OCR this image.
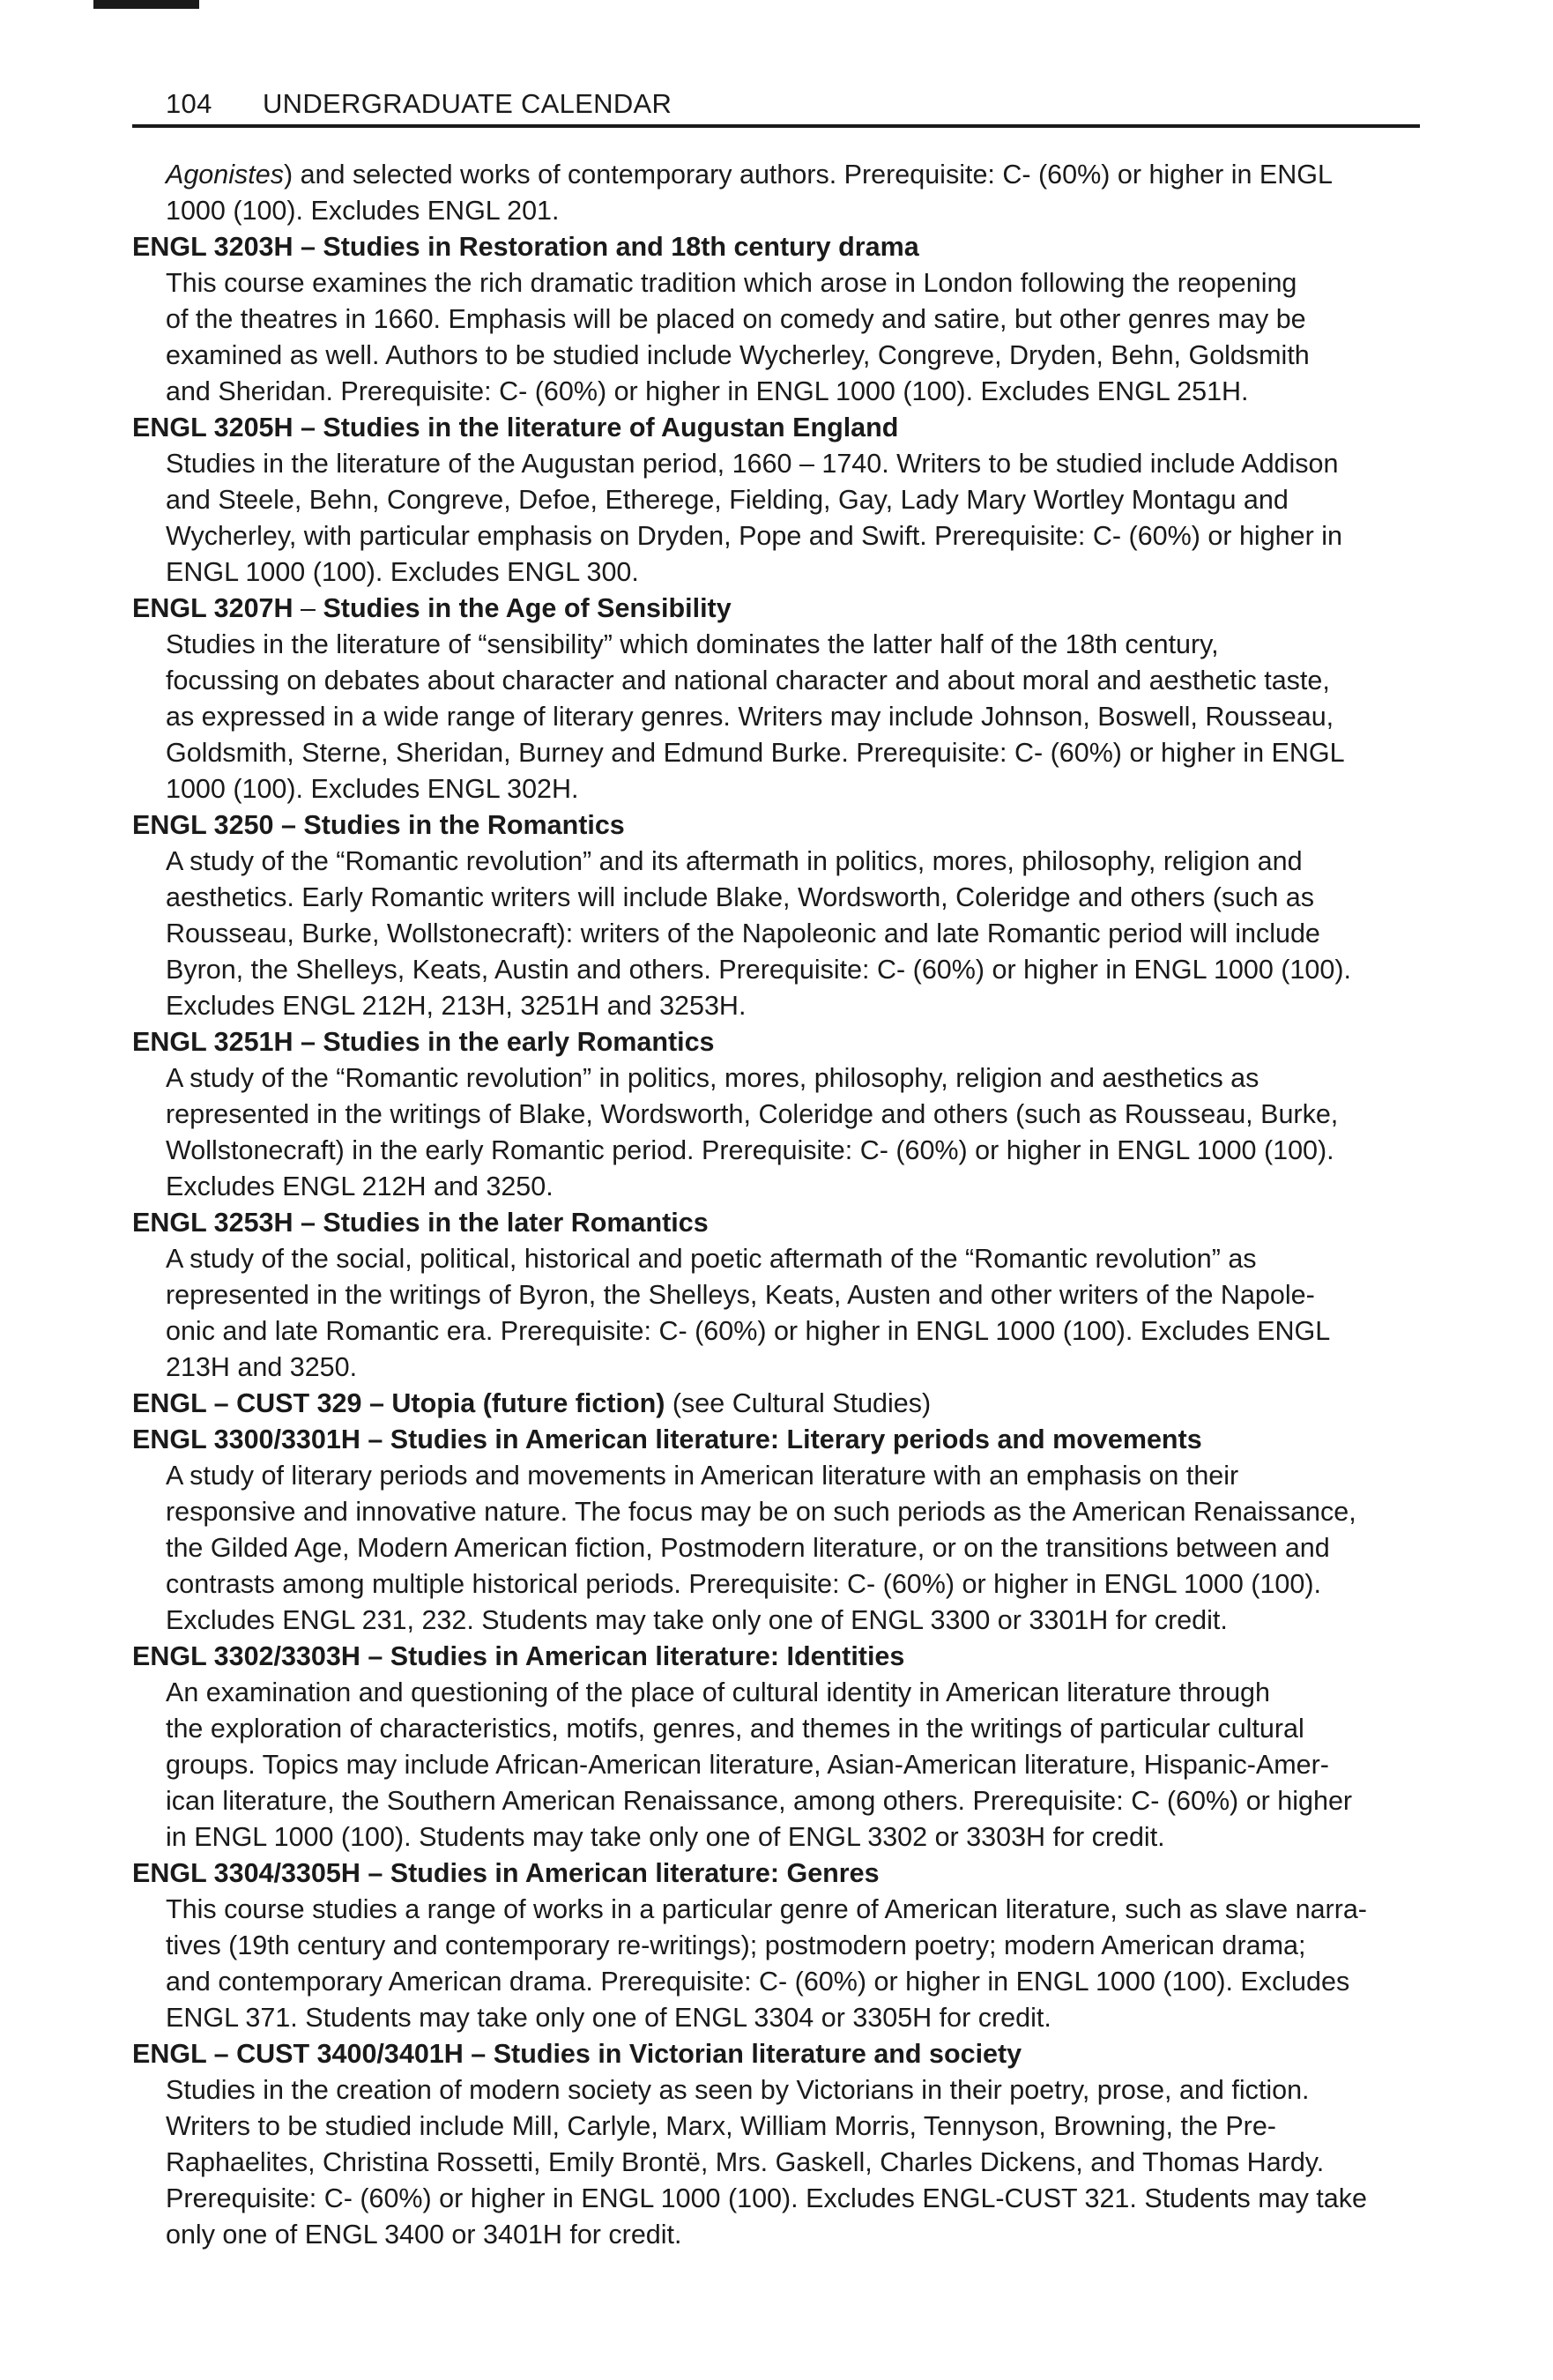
104 UNDERGRADUATE CALENDAR
Agonistes) and selected works of contemporary authors. Prerequisite: C- (60%) or higher in ENGL
1000 (100). Excludes ENGL 201.

ENGL 3203H – Studies in Restoration and 18th century drama

This course examines the rich dramatic tradition which arose in London following the reopening
of the theatres in 1660. Emphasis will be placed on comedy and satire, but other genres may be
examined as well. Authors to be studied include Wycherley, Congreve, Dryden, Behn, Goldsmith
and Sheridan. Prerequisite: C- (60%) or higher in ENGL 1000 (100). Excludes ENGL 251H.

ENGL 3205H – Studies in the literature of Augustan England

Studies in the literature of the Augustan period, 1660 – 1740. Writers to be studied include Addison
and Steele, Behn, Congreve, Defoe, Etherege, Fielding, Gay, Lady Mary Wortley Montagu and
Wycherley, with particular emphasis on Dryden, Pope and Swift. Prerequisite: C- (60%) or higher in
ENGL 1000 (100). Excludes ENGL 300.

ENGL 3207H – Studies in the Age of Sensibility

Studies in the literature of “sensibility” which dominates the latter half of the 18th century,
focussing on debates about character and national character and about moral and aesthetic taste,
as expressed in a wide range of literary genres. Writers may include Johnson, Boswell, Rousseau,
Goldsmith, Sterne, Sheridan, Burney and Edmund Burke. Prerequisite: C- (60%) or higher in ENGL
1000 (100). Excludes ENGL 302H.

ENGL 3250 – Studies in the Romantics

A study of the “Romantic revolution” and its aftermath in politics, mores, philosophy, religion and
aesthetics. Early Romantic writers will include Blake, Wordsworth, Coleridge and others (such as
Rousseau, Burke, Wollstonecraft): writers of the Napoleonic and late Romantic period will include
Byron, the Shelleys, Keats, Austin and others. Prerequisite: C- (60%) or higher in ENGL 1000 (100).
Excludes ENGL 212H, 213H, 3251H and 3253H.

ENGL 3251H – Studies in the early Romantics

A study of the “Romantic revolution” in politics, mores, philosophy, religion and aesthetics as
represented in the writings of Blake, Wordsworth, Coleridge and others (such as Rousseau, Burke,
Wollstonecraft) in the early Romantic period. Prerequisite: C- (60%) or higher in ENGL 1000 (100).
Excludes ENGL 212H and 3250.

ENGL 3253H – Studies in the later Romantics

A study of the social, political, historical and poetic aftermath of the “Romantic revolution” as
represented in the writings of Byron, the Shelleys, Keats, Austen and other writers of the Napole-
onic and late Romantic era. Prerequisite: C- (60%) or higher in ENGL 1000 (100). Excludes ENGL
213H and 3250.

ENGL – CUST 329 – Utopia (future fiction) (see Cultural Studies)

ENGL 3300/3301H – Studies in American literature: Literary periods and movements

A study of literary periods and movements in American literature with an emphasis on their
responsive and innovative nature. The focus may be on such periods as the American Renaissance,
the Gilded Age, Modern American fiction, Postmodern literature, or on the transitions between and
contrasts among multiple historical periods. Prerequisite: C- (60%) or higher in ENGL 1000 (100).
Excludes ENGL 231, 232. Students may take only one of ENGL 3300 or 3301H for credit.

ENGL 3302/3303H – Studies in American literature: Identities

An examination and questioning of the place of cultural identity in American literature through
the exploration of characteristics, motifs, genres, and themes in the writings of particular cultural
groups. Topics may include African-American literature, Asian-American literature, Hispanic-Amer-
ican literature, the Southern American Renaissance, among others. Prerequisite: C- (60%) or higher
in ENGL 1000 (100). Students may take only one of ENGL 3302 or 3303H for credit.

ENGL 3304/3305H – Studies in American literature: Genres

This course studies a range of works in a particular genre of American literature, such as slave narra-
tives (19th century and contemporary re-writings); postmodern poetry; modern American drama;
and contemporary American drama. Prerequisite: C- (60%) or higher in ENGL 1000 (100). Excludes
ENGL 371. Students may take only one of ENGL 3304 or 3305H for credit.

ENGL – CUST 3400/3401H – Studies in Victorian literature and society

Studies in the creation of modern society as seen by Victorians in their poetry, prose, and fiction.
Writers to be studied include Mill, Carlyle, Marx, William Morris, Tennyson, Browning, the Pre-
Raphaelites, Christina Rossetti, Emily Brontë, Mrs. Gaskell, Charles Dickens, and Thomas Hardy.
Prerequisite: C- (60%) or higher in ENGL 1000 (100). Excludes ENGL-CUST 321. Students may take
only one of ENGL 3400 or 3401H for credit.
